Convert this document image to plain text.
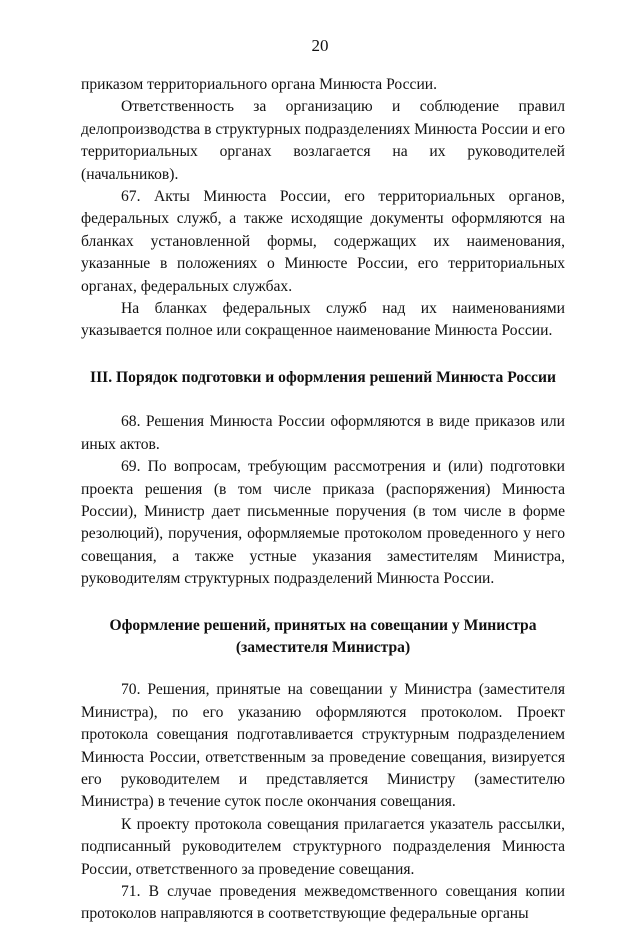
20

приказом территориального органа Минюста России.

Ответственность за организацию и соблюдение правил делопроизводства в структурных подразделениях Минюста России и его территориальных органах возлагается на их руководителей (начальников).

67. Акты Минюста России, его территориальных органов, федеральных служб, а также исходящие документы оформляются на бланках установленной формы, содержащих их наименования, указанные в положениях о Минюсте России, его территориальных органах, федеральных службах.

На бланках федеральных служб над их наименованиями указывается полное или сокращенное наименование Минюста России.

III. Порядок подготовки и оформления решений Минюста России

68. Решения Минюста России оформляются в виде приказов или иных актов.

69. По вопросам, требующим рассмотрения и (или) подготовки проекта решения (в том числе приказа (распоряжения) Минюста России), Министр дает письменные поручения (в том числе в форме резолюций), поручения, оформляемые протоколом проведенного у него совещания, а также устные указания заместителям Министра, руководителям структурных подразделений Минюста России.

Оформление решений, принятых на совещании у Министра

(заместителя Министра)

70. Решения, принятые на совещании у Министра (заместителя Министра), по его указанию оформляются протоколом. Проект протокола совещания подготавливается структурным подразделением Минюста России, ответственным за проведение совещания, визируется его руководителем и представляется Министру (заместителю Министра) в течение суток после окончания совещания.

К проекту протокола совещания прилагается указатель рассылки, подписанный руководителем структурного подразделения Минюста России, ответственного за проведение совещания.

71. В случае проведения межведомственного совещания копии протоколов направляются в соответствующие федеральные органы
